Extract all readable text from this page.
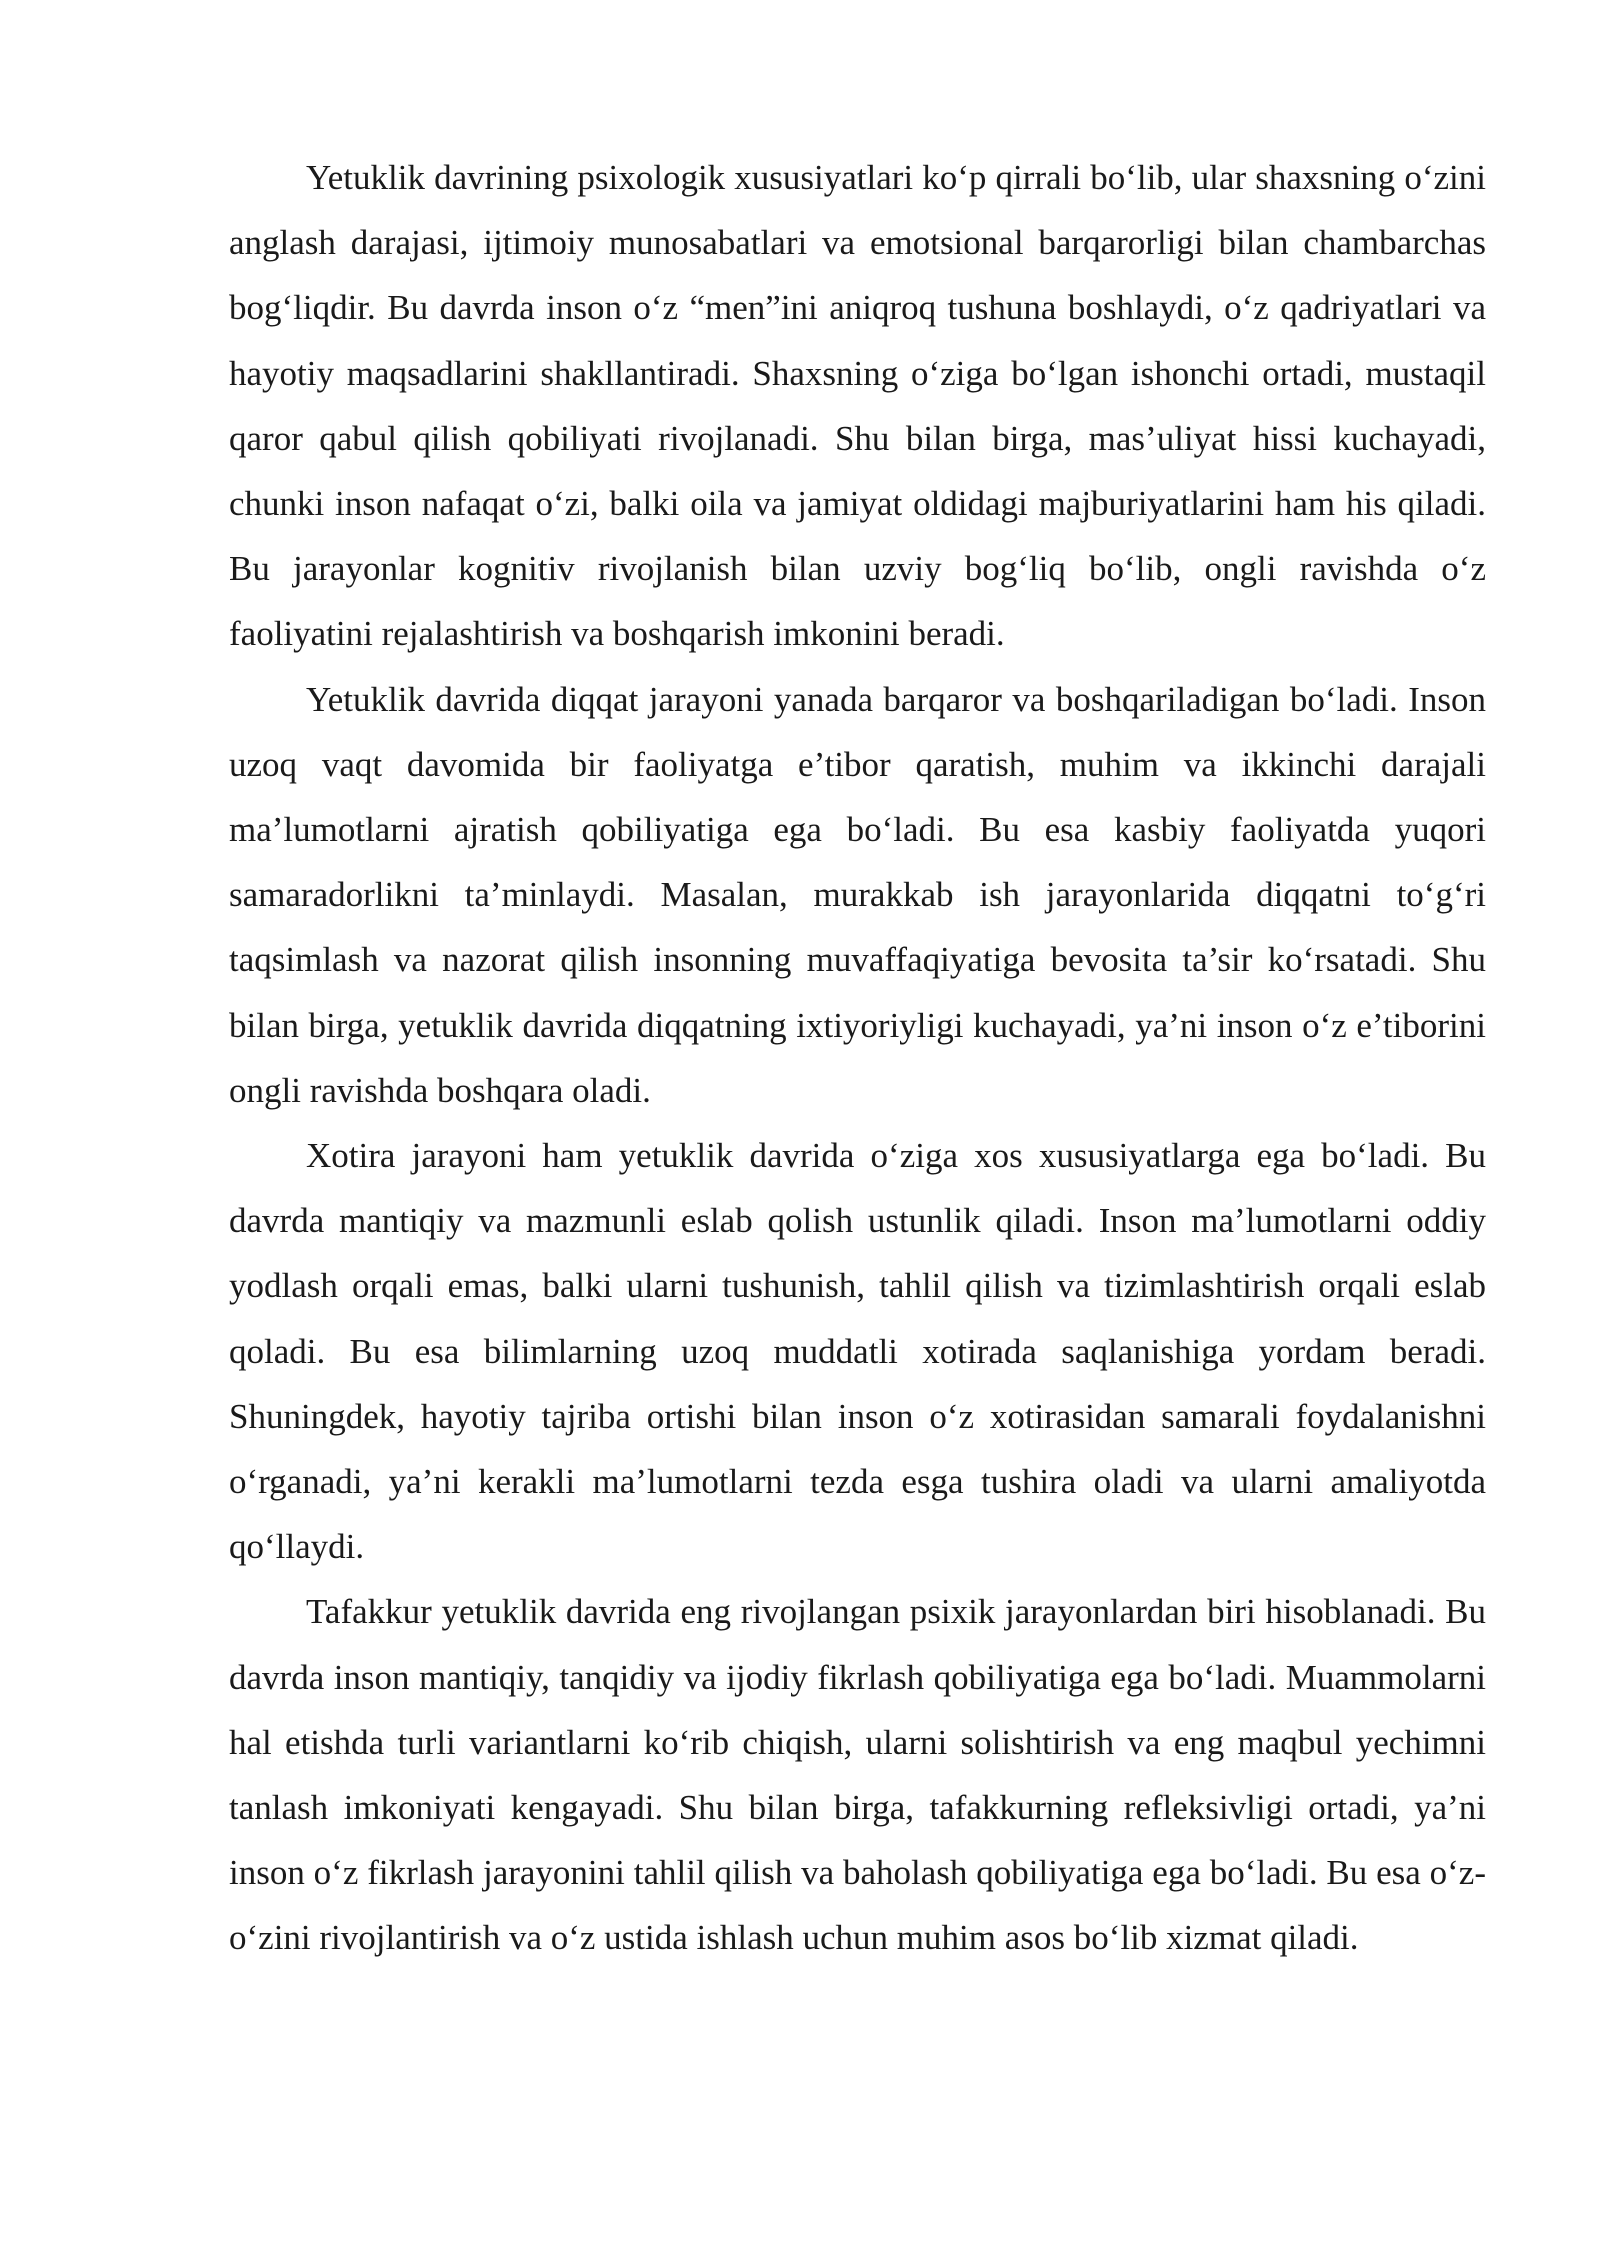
Yetuklik davrining psixologik xususiyatlari ko‘p qirrali bo‘lib, ular shaxsning o‘zini anglash darajasi, ijtimoiy munosabatlari va emotsional barqarorligi bilan chambarchas bog‘liqdir. Bu davrda inson o‘z “men”ini aniqroq tushuna boshlaydi, o‘z qadriyatlari va hayotiy maqsadlarini shakllantiradi. Shaxsning o‘ziga bo‘lgan ishonchi ortadi, mustaqil qaror qabul qilish qobiliyati rivojlanadi. Shu bilan birga, mas’uliyat hissi kuchayadi, chunki inson nafaqat o‘zi, balki oila va jamiyat oldidagi majburiyatlarini ham his qiladi. Bu jarayonlar kognitiv rivojlanish bilan uzviy bog‘liq bo‘lib, ongli ravishda o‘z faoliyatini rejalashtirish va boshqarish imkonini beradi.

Yetuklik davrida diqqat jarayoni yanada barqaror va boshqariladigan bo‘ladi. Inson uzoq vaqt davomida bir faoliyatga e’tibor qaratish, muhim va ikkinchi darajali ma’lumotlarni ajratish qobiliyatiga ega bo‘ladi. Bu esa kasbiy faoliyatda yuqori samaradorlikni ta’minlaydi. Masalan, murakkab ish jarayonlarida diqqatni to‘g‘ri taqsimlash va nazorat qilish insonning muvaffaqiyatiga bevosita ta’sir ko‘rsatadi. Shu bilan birga, yetuklik davrida diqqatning ixtiyoriyligi kuchayadi, ya’ni inson o‘z e’tiborini ongli ravishda boshqara oladi.

Xotira jarayoni ham yetuklik davrida o‘ziga xos xususiyatlarga ega bo‘ladi. Bu davrda mantiqiy va mazmunli eslab qolish ustunlik qiladi. Inson ma’lumotlarni oddiy yodlash orqali emas, balki ularni tushunish, tahlil qilish va tizimlashtirish orqali eslab qoladi. Bu esa bilimlarning uzoq muddatli xotirada saqlanishiga yordam beradi. Shuningdek, hayotiy tajriba ortishi bilan inson o‘z xotirasidan samarali foydalanishni o‘rganadi, ya’ni kerakli ma’lumotlarni tezda esga tushira oladi va ularni amaliyotda qo‘llaydi.

Tafakkur yetuklik davrida eng rivojlangan psixik jarayonlardan biri hisoblanadi. Bu davrda inson mantiqiy, tanqidiy va ijodiy fikrlash qobiliyatiga ega bo‘ladi. Muammolarni hal etishda turli variantlarni ko‘rib chiqish, ularni solishtirish va eng maqbul yechimni tanlash imkoniyati kengayadi. Shu bilan birga, tafakkurning refleksivligi ortadi, ya’ni inson o‘z fikrlash jarayonini tahlil qilish va baholash qobiliyatiga ega bo‘ladi. Bu esa o‘z-o‘zini rivojlantirish va o‘z ustida ishlash uchun muhim asos bo‘lib xizmat qiladi.
